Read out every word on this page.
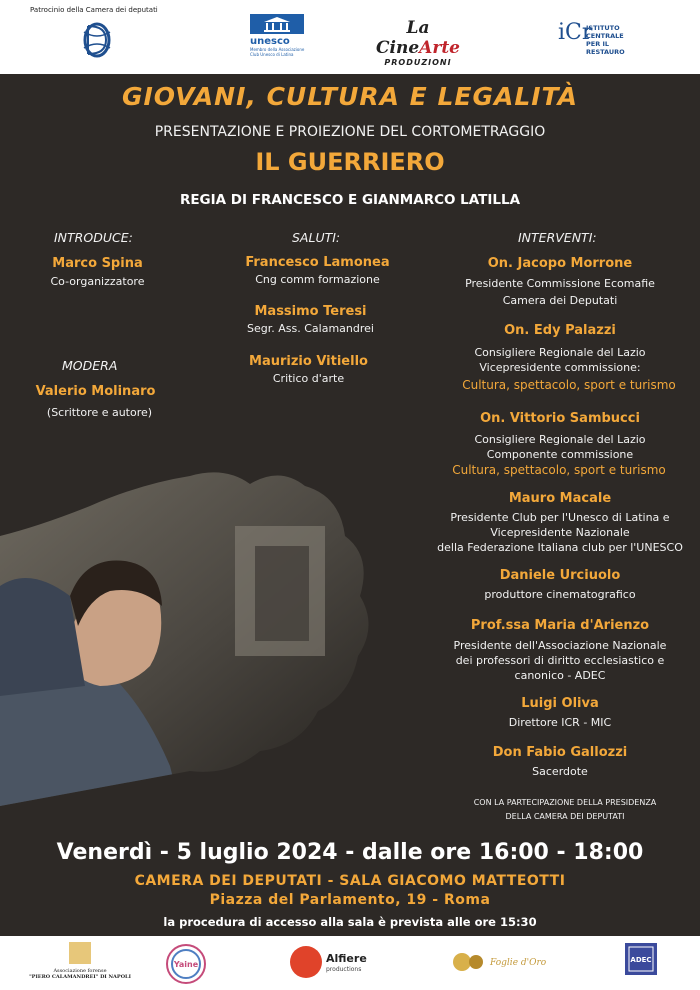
Patrocinio della Camera dei deputati
unesco
Membro della Associazione Club Unesco di Latina
La CineArte
PRODUZIONI
iCr
ISTITUTO
CENTRALE
PER IL RESTAURO
GIOVANI, CULTURA E LEGALITÀ
PRESENTAZIONE E PROIEZIONE DEL CORTOMETRAGGIO
IL GUERRIERO
REGIA DI FRANCESCO E GIANMARCO LATILLA
INTRODUCE:
Marco Spina
Co-organizzatore
MODERA
Valerio Molinaro
(Scrittore e autore)
SALUTI:
Francesco Lamonea
Cng comm formazione
Massimo Teresi
Segr. Ass. Calamandrei
Maurizio Vitiello
Critico d'arte
INTERVENTI:
On. Jacopo Morrone
Presidente Commissione Ecomafie
Camera dei Deputati
On. Edy Palazzi
Consigliere Regionale del Lazio
Vicepresidente commissione:
Cultura, spettacolo, sport e turismo
On. Vittorio Sambucci
Consigliere Regionale del Lazio
Componente commissione
Cultura, spettacolo, sport e turismo
Mauro Macale
Presidente Club per l'Unesco di Latina e
Vicepresidente Nazionale
della Federazione Italiana club per l'UNESCO
Daniele Urciuolo
produttore cinematografico
Prof.ssa Maria d'Arienzo
Presidente dell'Associazione Nazionale
dei professori di diritto ecclesiastico e
canonico - ADEC
Luigi Oliva
Direttore ICR - MIC
Don Fabio Gallozzi
Sacerdote
CON LA PARTECIPAZIONE DELLA PRESIDENZA
DELLA CAMERA DEI DEPUTATI
Venerdì - 5 luglio 2024 - dalle ore 16:00 - 18:00
CAMERA DEI DEPUTATI - SALA GIACOMO MATTEOTTI
Piazza del Parlamento, 19 - Roma
la procedura di accesso alla sala è prevista alle ore 15:30
Associazione forense
"PIERO CALAMANDREI" DI NAPOLI
Yaine	Alfiere
productions
Foglie d'Oro	ADEC
